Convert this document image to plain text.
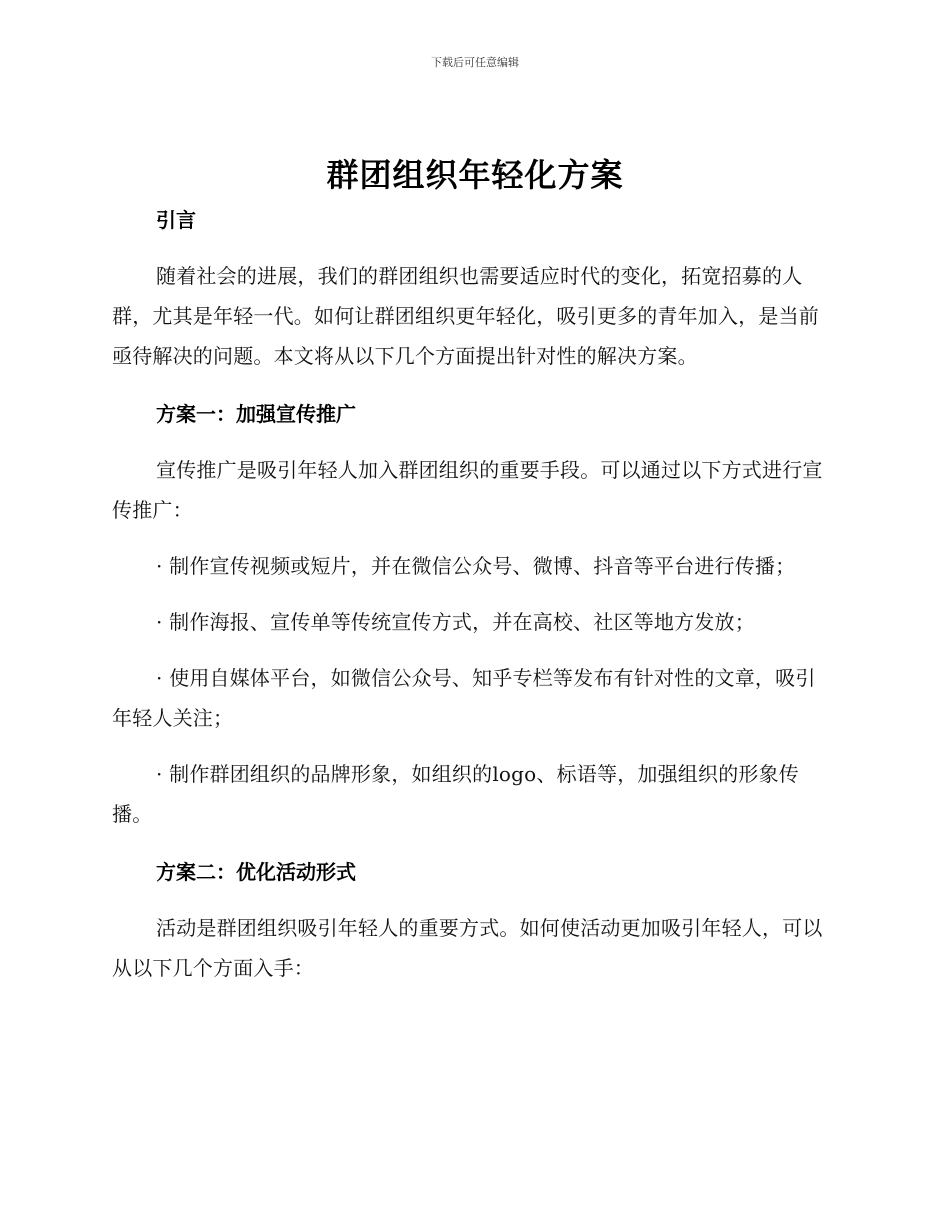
下载后可任意编辑
群团组织年轻化方案
引言
随着社会的进展，我们的群团组织也需要适应时代的变化，拓宽招募的人群，尤其是年轻一代。如何让群团组织更年轻化，吸引更多的青年加入，是当前亟待解决的问题。本文将从以下几个方面提出针对性的解决方案。
方案一：加强宣传推广
宣传推广是吸引年轻人加入群团组织的重要手段。可以通过以下方式进行宣传推广：
· 制作宣传视频或短片，并在微信公众号、微博、抖音等平台进行传播；
· 制作海报、宣传单等传统宣传方式，并在高校、社区等地方发放；
· 使用自媒体平台，如微信公众号、知乎专栏等发布有针对性的文章，吸引年轻人关注；
· 制作群团组织的品牌形象，如组织的logo、标语等，加强组织的形象传播。
方案二：优化活动形式
活动是群团组织吸引年轻人的重要方式。如何使活动更加吸引年轻人，可以从以下几个方面入手：
